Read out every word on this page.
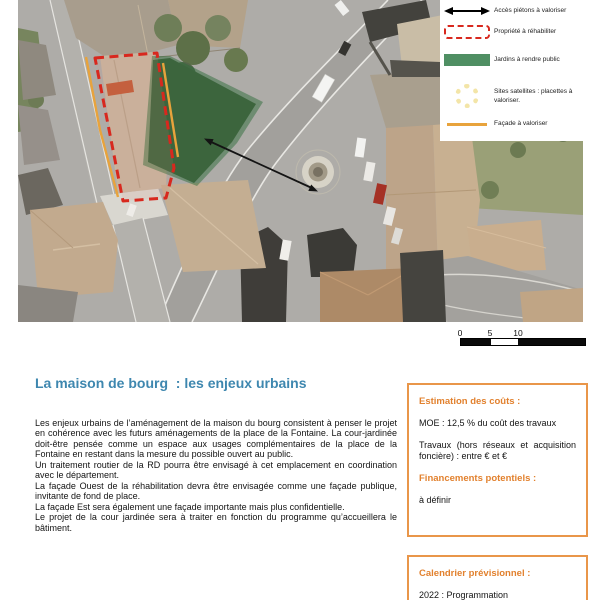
Accès piétons à valoriser
Propriété à réhabiliter
Jardins à rendre public
Sites satellites : placettes à valoriser.
Façade à valoriser
0	5 10
La maison de bourg  : les enjeux urbains

Les enjeux urbains de l’aménagement de la maison du bourg consistent à penser le projet en cohérence avec les futurs aménagements de la place de la Fontaine. La cour-jardinée doit-être pensée comme un espace aux usages complémentaires de la place de la Fontaine en restant dans la mesure du possible ouvert au public.

Un traitement routier de la RD pourra être envisagé à cet emplacement en coordination avec le département.

La façade Ouest de la réhabilitation devra être envisagée comme une façade publique, invitante de fond de place.

La façade Est sera également une façade importante mais plus confidentielle.

Le projet de la cour jardinée sera à traiter en fonction du programme qu’accueillera le bâtiment.

Estimation des coûts :
MOE : 12,5 % du coût des travaux
Travaux (hors réseaux et acquisition foncière) : entre € et €
Financements potentiels :
à définir
Calendrier prévisionnel :
2022 : Programmation
